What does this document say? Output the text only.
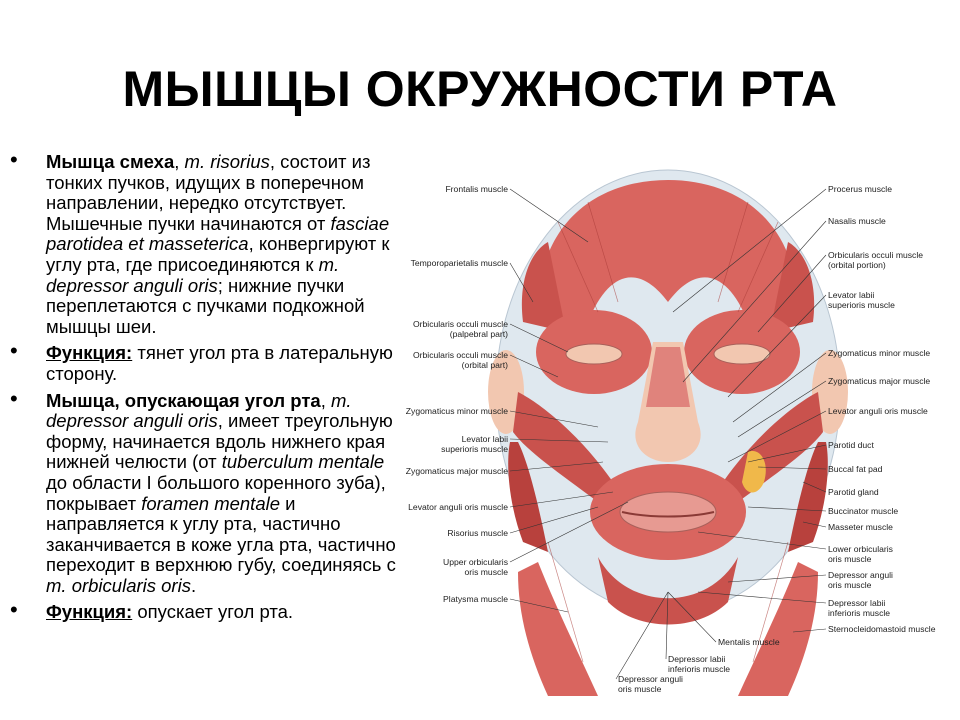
МЫШЦЫ ОКРУЖНОСТИ РТА
• Мышца смеха, m. risorius, состоит из тонких пучков, идущих в поперечном направлении, нередко отсутствует. Мышечные пучки начинаются от fasciae parotidea et masseterica, конвергируют к углу рта, где присоединяются к m. depressor anguli oris; нижние пучки переплетаются с пучками подкожной мышцы шеи.
• Функция: тянет угол рта в латеральную сторону.
• Мышца, опускающая угол рта, m. depressor anguli oris, имеет треугольную форму, начинается вдоль нижнего края нижней челюсти (от tuberculum mentale до области I большого коренного зуба), покрывает foramen mentale и направляется к углу рта, частично заканчивается в коже угла рта, частично переходит в верхнюю губу, соединяясь с m. orbicularis oris.
• Функция: опускает угол рта.
Frontalis muscle
Temporoparietalis muscle
Orbicularis occuli muscle (palpebral part)
Orbicularis occuli muscle (orbital part)
Zygomaticus minor muscle
Levator labii superioris muscle
Zygomaticus major muscle
Levator anguli oris muscle
Risorius muscle
Upper orbicularis oris muscle
Platysma muscle
Procerus muscle
Nasalis muscle
Orbicularis occuli muscle (orbital portion)
Levator labii superioris muscle
Zygomaticus minor muscle
Zygomaticus major muscle
Levator anguli oris muscle
Parotid duct
Buccal fat pad
Parotid gland
Buccinator muscle
Masseter muscle
Lower orbicularis oris muscle
Depressor anguli oris muscle
Depressor labii inferioris muscle
Sternocleidomastoid muscle
Mentalis muscle
Depressor labii inferioris muscle
Depressor anguli oris muscle
